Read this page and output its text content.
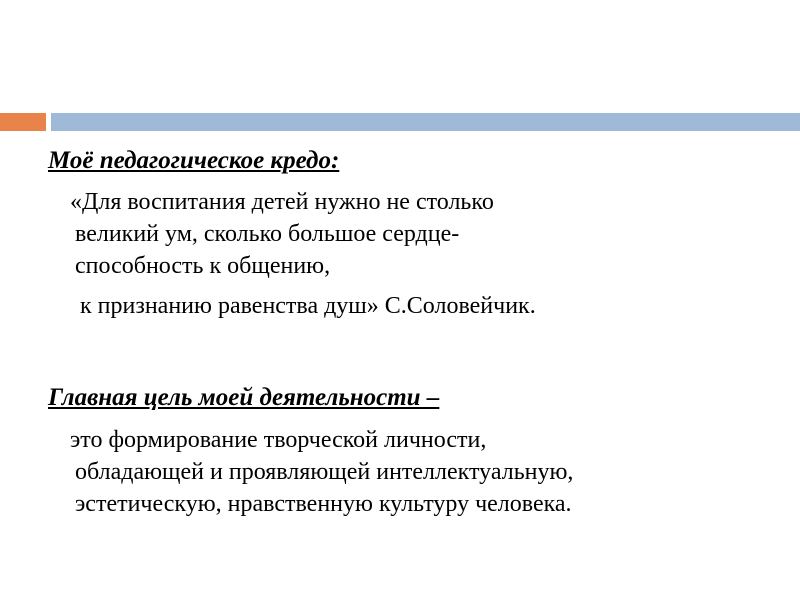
Моё педагогическое кредо:
«Для воспитания детей нужно не столько
великий ум, сколько большое сердце-
способность к общению,
к признанию равенства душ» С.Соловейчик.
Главная цель моей деятельности –
это формирование творческой личности,
обладающей и проявляющей интеллектуальную,
эстетическую, нравственную культуру человека.
